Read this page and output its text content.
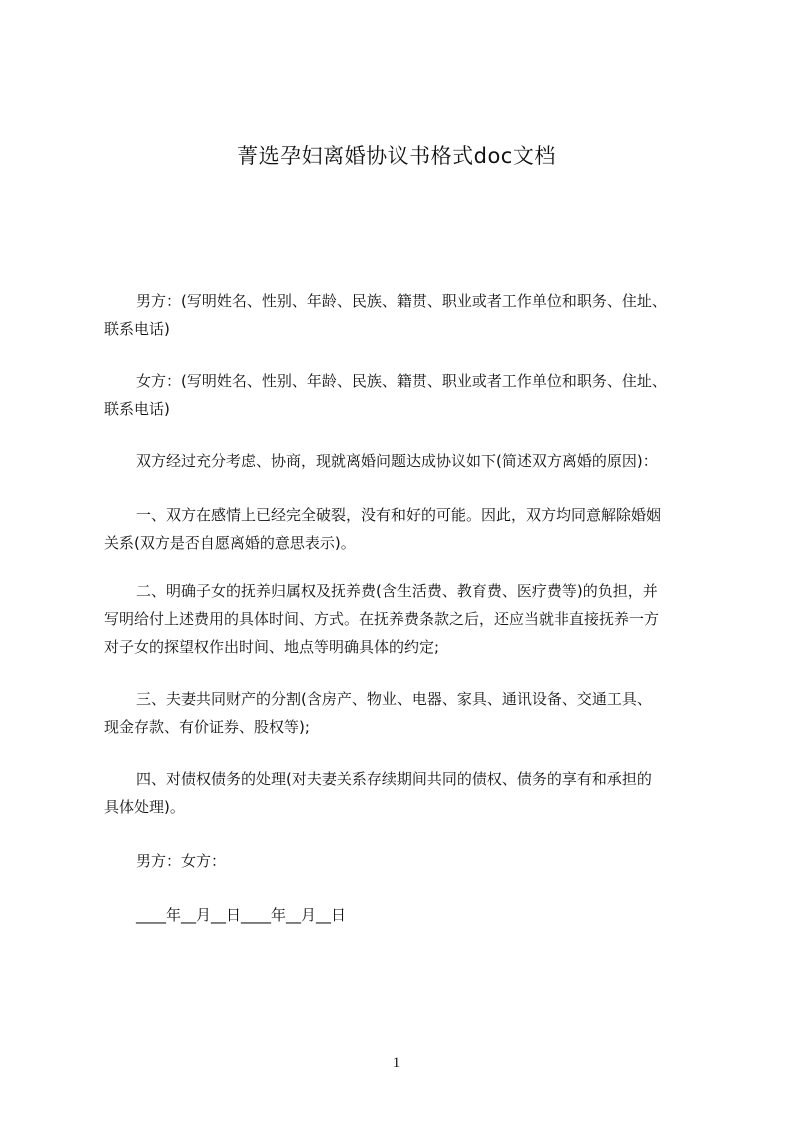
菁选孕妇离婚协议书格式doc文档
男方：(写明姓名、性别、年龄、民族、籍贯、职业或者工作单位和职务、住址、
联系电话)
女方：(写明姓名、性别、年龄、民族、籍贯、职业或者工作单位和职务、住址、
联系电话)
双方经过充分考虑、协商，现就离婚问题达成协议如下(简述双方离婚的原因)：
一、双方在感情上已经完全破裂，没有和好的可能。因此，双方均同意解除婚姻
关系(双方是否自愿离婚的意思表示)。
二、明确子女的抚养归属权及抚养费(含生活费、教育费、医疗费等)的负担，并
写明给付上述费用的具体时间、方式。在抚养费条款之后，还应当就非直接抚养一方
对子女的探望权作出时间、地点等明确具体的约定;
三、夫妻共同财产的分割(含房产、物业、电器、家具、通讯设备、交通工具、
现金存款、有价证券、股权等);
四、对债权债务的处理(对夫妻关系存续期间共同的债权、债务的享有和承担的
具体处理)。
男方：女方：
____年__月__日____年__月__日
1
